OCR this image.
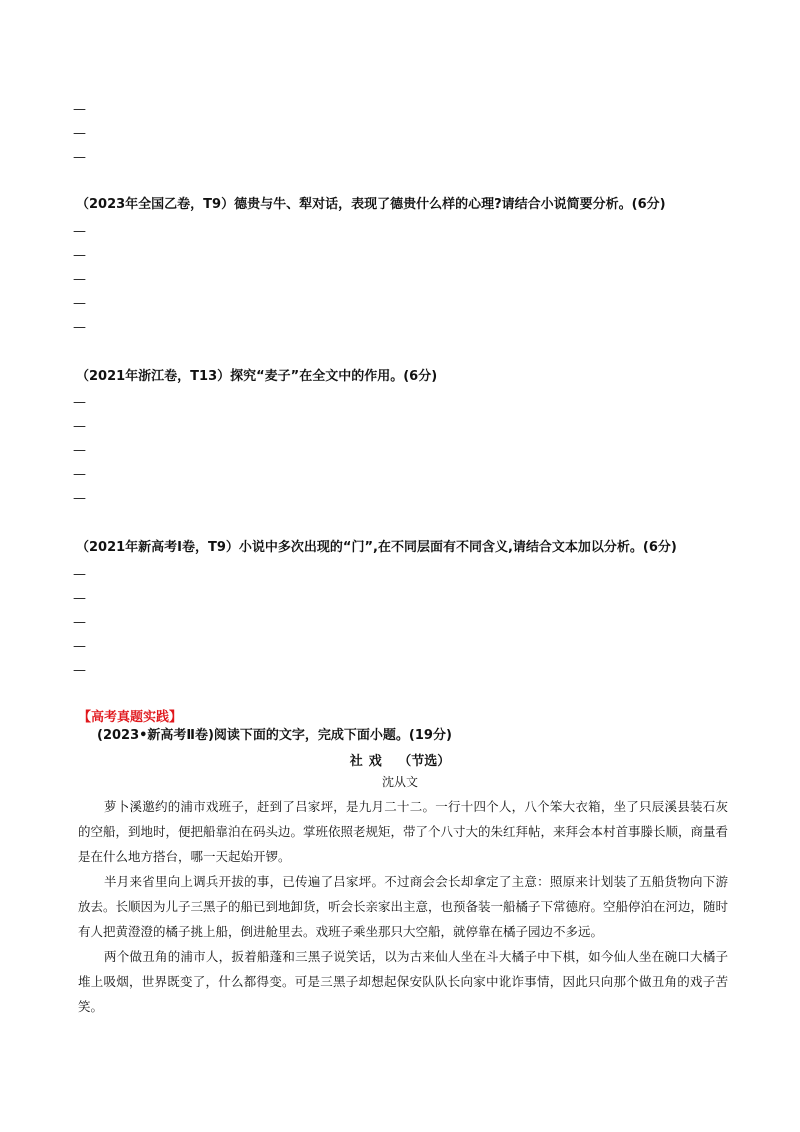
—
—
—
（2023年全国乙卷，T9）德贵与牛、犁对话，表现了德贵什么样的心理?请结合小说简要分析。(6分)
—
—
—
—
—
（2021年浙江卷，T13）探究“麦子”在全文中的作用。(6分)
—
—
—
—
—
（2021年新高考Ⅰ卷，T9）小说中多次出现的“门”,在不同层面有不同含义,请结合文本加以分析。(6分)
—
—
—
—
—
【高考真题实践】
(2023•新高考Ⅱ卷)阅读下面的文字，完成下面小题。(19分)
社戏 （节选）
沈从文

萝卜溪邀约的浦市戏班子，赶到了吕家坪，是九月二十二。一行十四个人，八个笨大衣箱，坐了只辰溪县装石灰的空船，到地时，便把船靠泊在码头边。掌班依照老规矩，带了个八寸大的朱红拜帖，来拜会本村首事滕长顺，商量看是在什么地方搭台，哪一天起始开锣。

半月来省里向上调兵开拔的事，已传遍了吕家坪。不过商会会长却拿定了主意：照原来计划装了五船货物向下游放去。长顺因为儿子三黑子的船已到地卸货，听会长亲家出主意，也预备装一船橘子下常德府。空船停泊在河边，随时有人把黄澄澄的橘子挑上船，倒进舱里去。戏班子乘坐那只大空船，就停靠在橘子园边不多远。

两个做丑角的浦市人，扳着船蓬和三黑子说笑话，以为古来仙人坐在斗大橘子中下棋，如今仙人坐在碗口大橘子堆上吸烟，世界既变了，什么都得变。可是三黑子却想起保安队队长向家中讹诈事情，因此只向那个做丑角的戏子苦笑。
